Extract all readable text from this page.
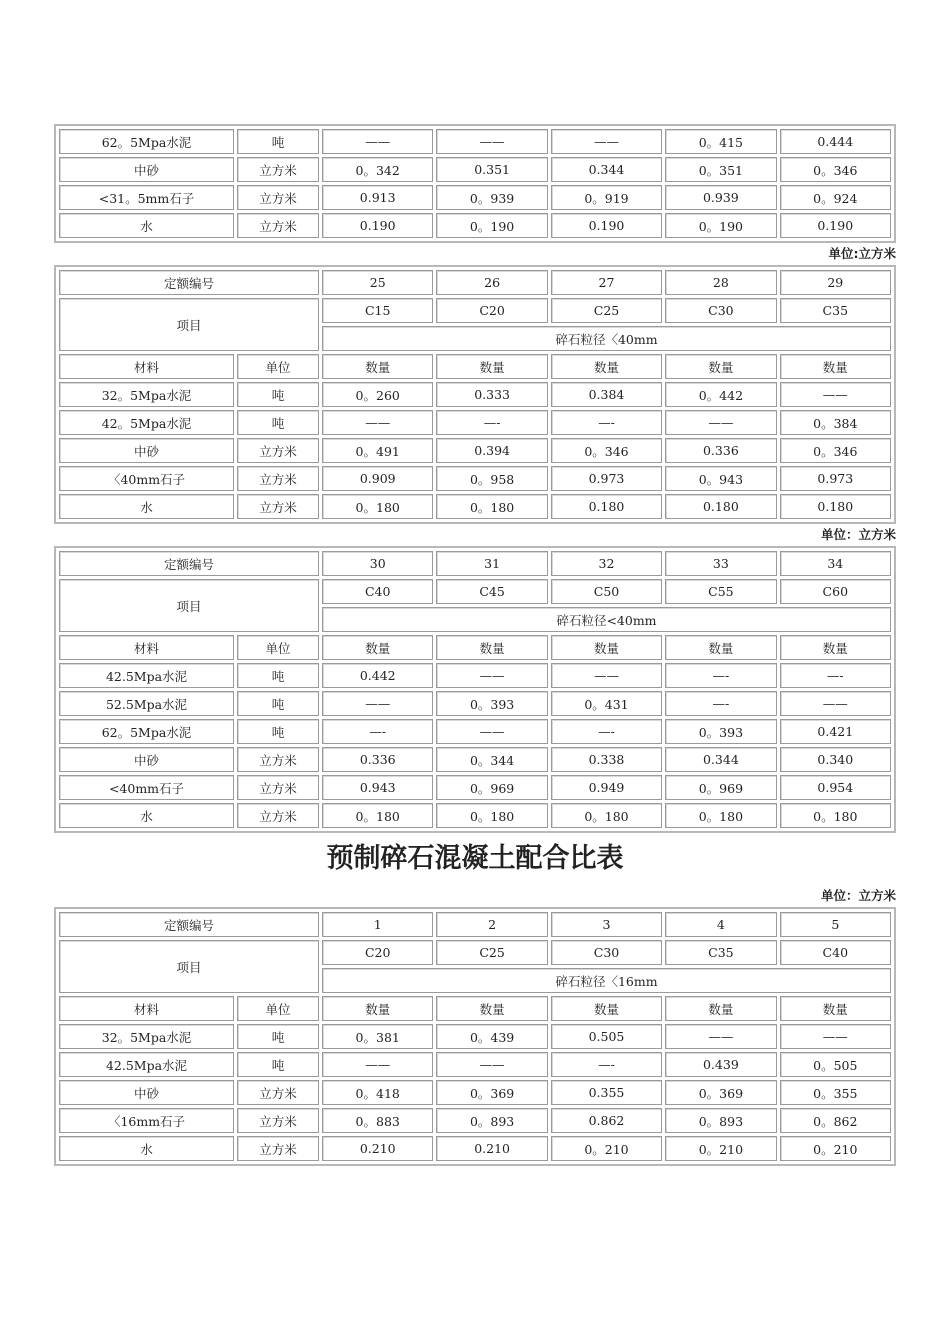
62。5Mpa水泥	吨	——	——	——	0。415	0.444
中砂	立方米	0。342	0.351	0.344	0。351	0。346
<31。5mm石子	立方米	0.913	0。939	0。919	0.939	0。924
水	立方米	0.190	0。190	0.190	0。190	0.190
单位:立方米
定额编号		25	26	27	28	29
项目		C15	C20	C25	C30	C35
		碎石粒径〈40mm				
材料	单位	数量	数量	数量	数量	数量
32。5Mpa水泥	吨	0。260	0.333	0.384	0。442	——
42。5Mpa水泥	吨	——	—-	—-	——	0。384
中砂	立方米	0。491	0.394	0。346	0.336	0。346
〈40mm石子	立方米	0.909	0。958	0.973	0。943	0.973
水	立方米	0。180	0。180	0.180	0.180	0.180
单位：立方米
定额编号		30	31	32	33	34
项目		C40	C45	C50	C55	C60
		碎石粒径<40mm				
材料	单位	数量	数量	数量	数量	数量
42.5Mpa水泥	吨	0.442	——	——	—-	—-
52.5Mpa水泥	吨	——	0。393	0。431	—-	——
62。5Mpa水泥	吨	—-	——	—-	0。393	0.421
中砂	立方米	0.336	0。344	0.338	0.344	0.340
<40mm石子	立方米	0.943	0。969	0.949	0。969	0.954
水	立方米	0。180	0。180	0。180	0。180	0。180
预制碎石混凝土配合比表
单位：立方米
定额编号		1	2	3	4	5
项目		C20	C25	C30	C35	C40
		碎石粒径〈16mm				
材料	单位	数量	数量	数量	数量	数量
32。5Mpa水泥	吨	0。381	0。439	0.505	——	——
42.5Mpa水泥	吨	——	——	—-	0.439	0。505
中砂	立方米	0。418	0。369	0.355	0。369	0。355
〈16mm石子	立方米	0。883	0。893	0.862	0。893	0。862
水	立方米	0.210	0.210	0。210	0。210	0。210
